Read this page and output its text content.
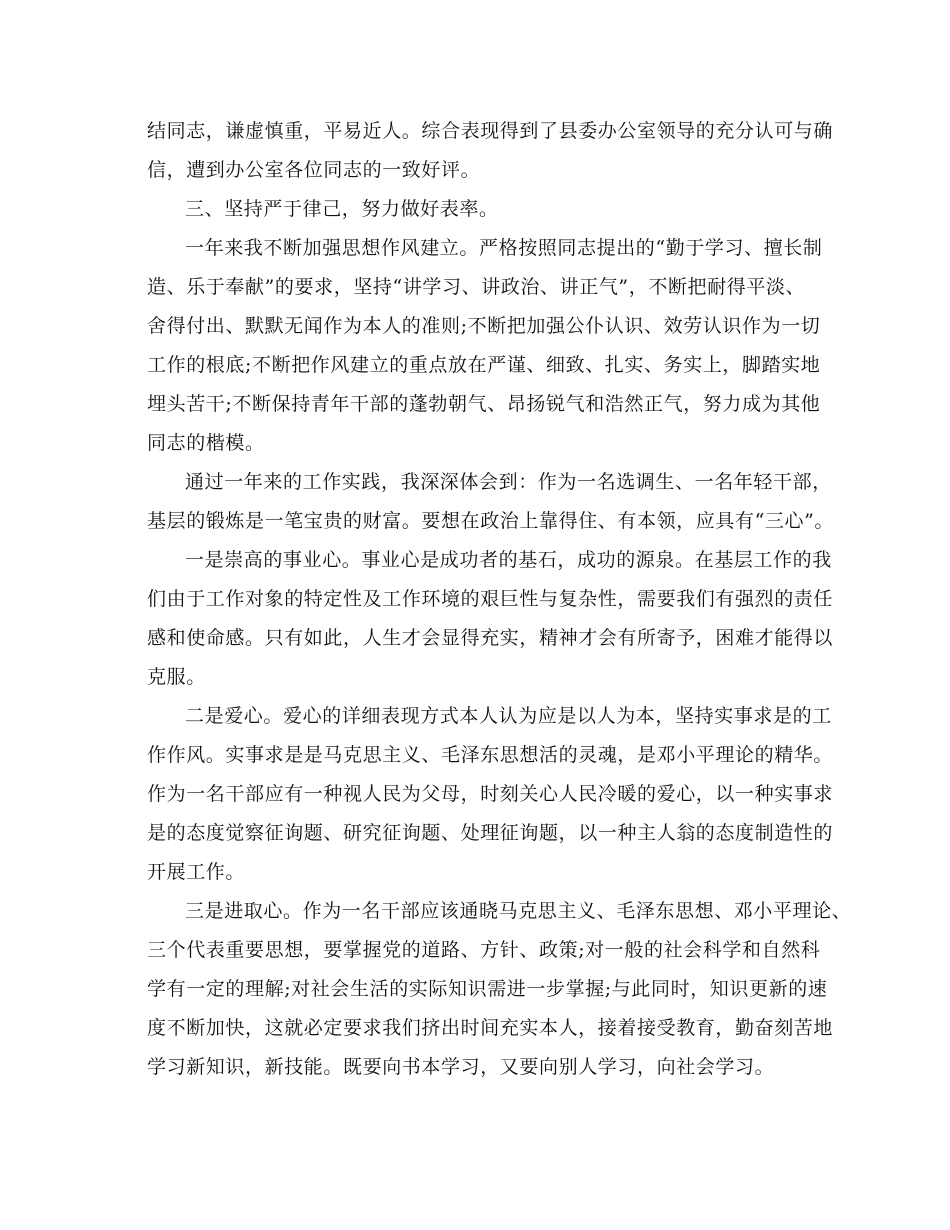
结同志，谦虚慎重，平易近人。综合表现得到了县委办公室领导的充分认可与确
信，遭到办公室各位同志的一致好评。
三、坚持严于律己，努力做好表率。
一年来我不断加强思想作风建立。严格按照同志提出的“勤于学习、擅长制
造、乐于奉献”的要求，坚持“讲学习、讲政治、讲正气”，不断把耐得平淡、
舍得付出、默默无闻作为本人的准则;不断把加强公仆认识、效劳认识作为一切
工作的根底;不断把作风建立的重点放在严谨、细致、扎实、务实上，脚踏实地
埋头苦干;不断保持青年干部的蓬勃朝气、昂扬锐气和浩然正气，努力成为其他
同志的楷模。
通过一年来的工作实践，我深深体会到：作为一名选调生、一名年轻干部，
基层的锻炼是一笔宝贵的财富。要想在政治上靠得住、有本领，应具有“三心”。
一是崇高的事业心。事业心是成功者的基石，成功的源泉。在基层工作的我
们由于工作对象的特定性及工作环境的艰巨性与复杂性，需要我们有强烈的责任
感和使命感。只有如此，人生才会显得充实，精神才会有所寄予，困难才能得以
克服。
二是爱心。爱心的详细表现方式本人认为应是以人为本，坚持实事求是的工
作作风。实事求是是马克思主义、毛泽东思想活的灵魂，是邓小平理论的精华。
作为一名干部应有一种视人民为父母，时刻关心人民冷暖的爱心，以一种实事求
是的态度觉察征询题、研究征询题、处理征询题，以一种主人翁的态度制造性的
开展工作。
三是进取心。作为一名干部应该通晓马克思主义、毛泽东思想、邓小平理论、
三个代表重要思想，要掌握党的道路、方针、政策;对一般的社会科学和自然科
学有一定的理解;对社会生活的实际知识需进一步掌握;与此同时，知识更新的速
度不断加快，这就必定要求我们挤出时间充实本人，接着接受教育，勤奋刻苦地
学习新知识，新技能。既要向书本学习，又要向别人学习，向社会学习。
